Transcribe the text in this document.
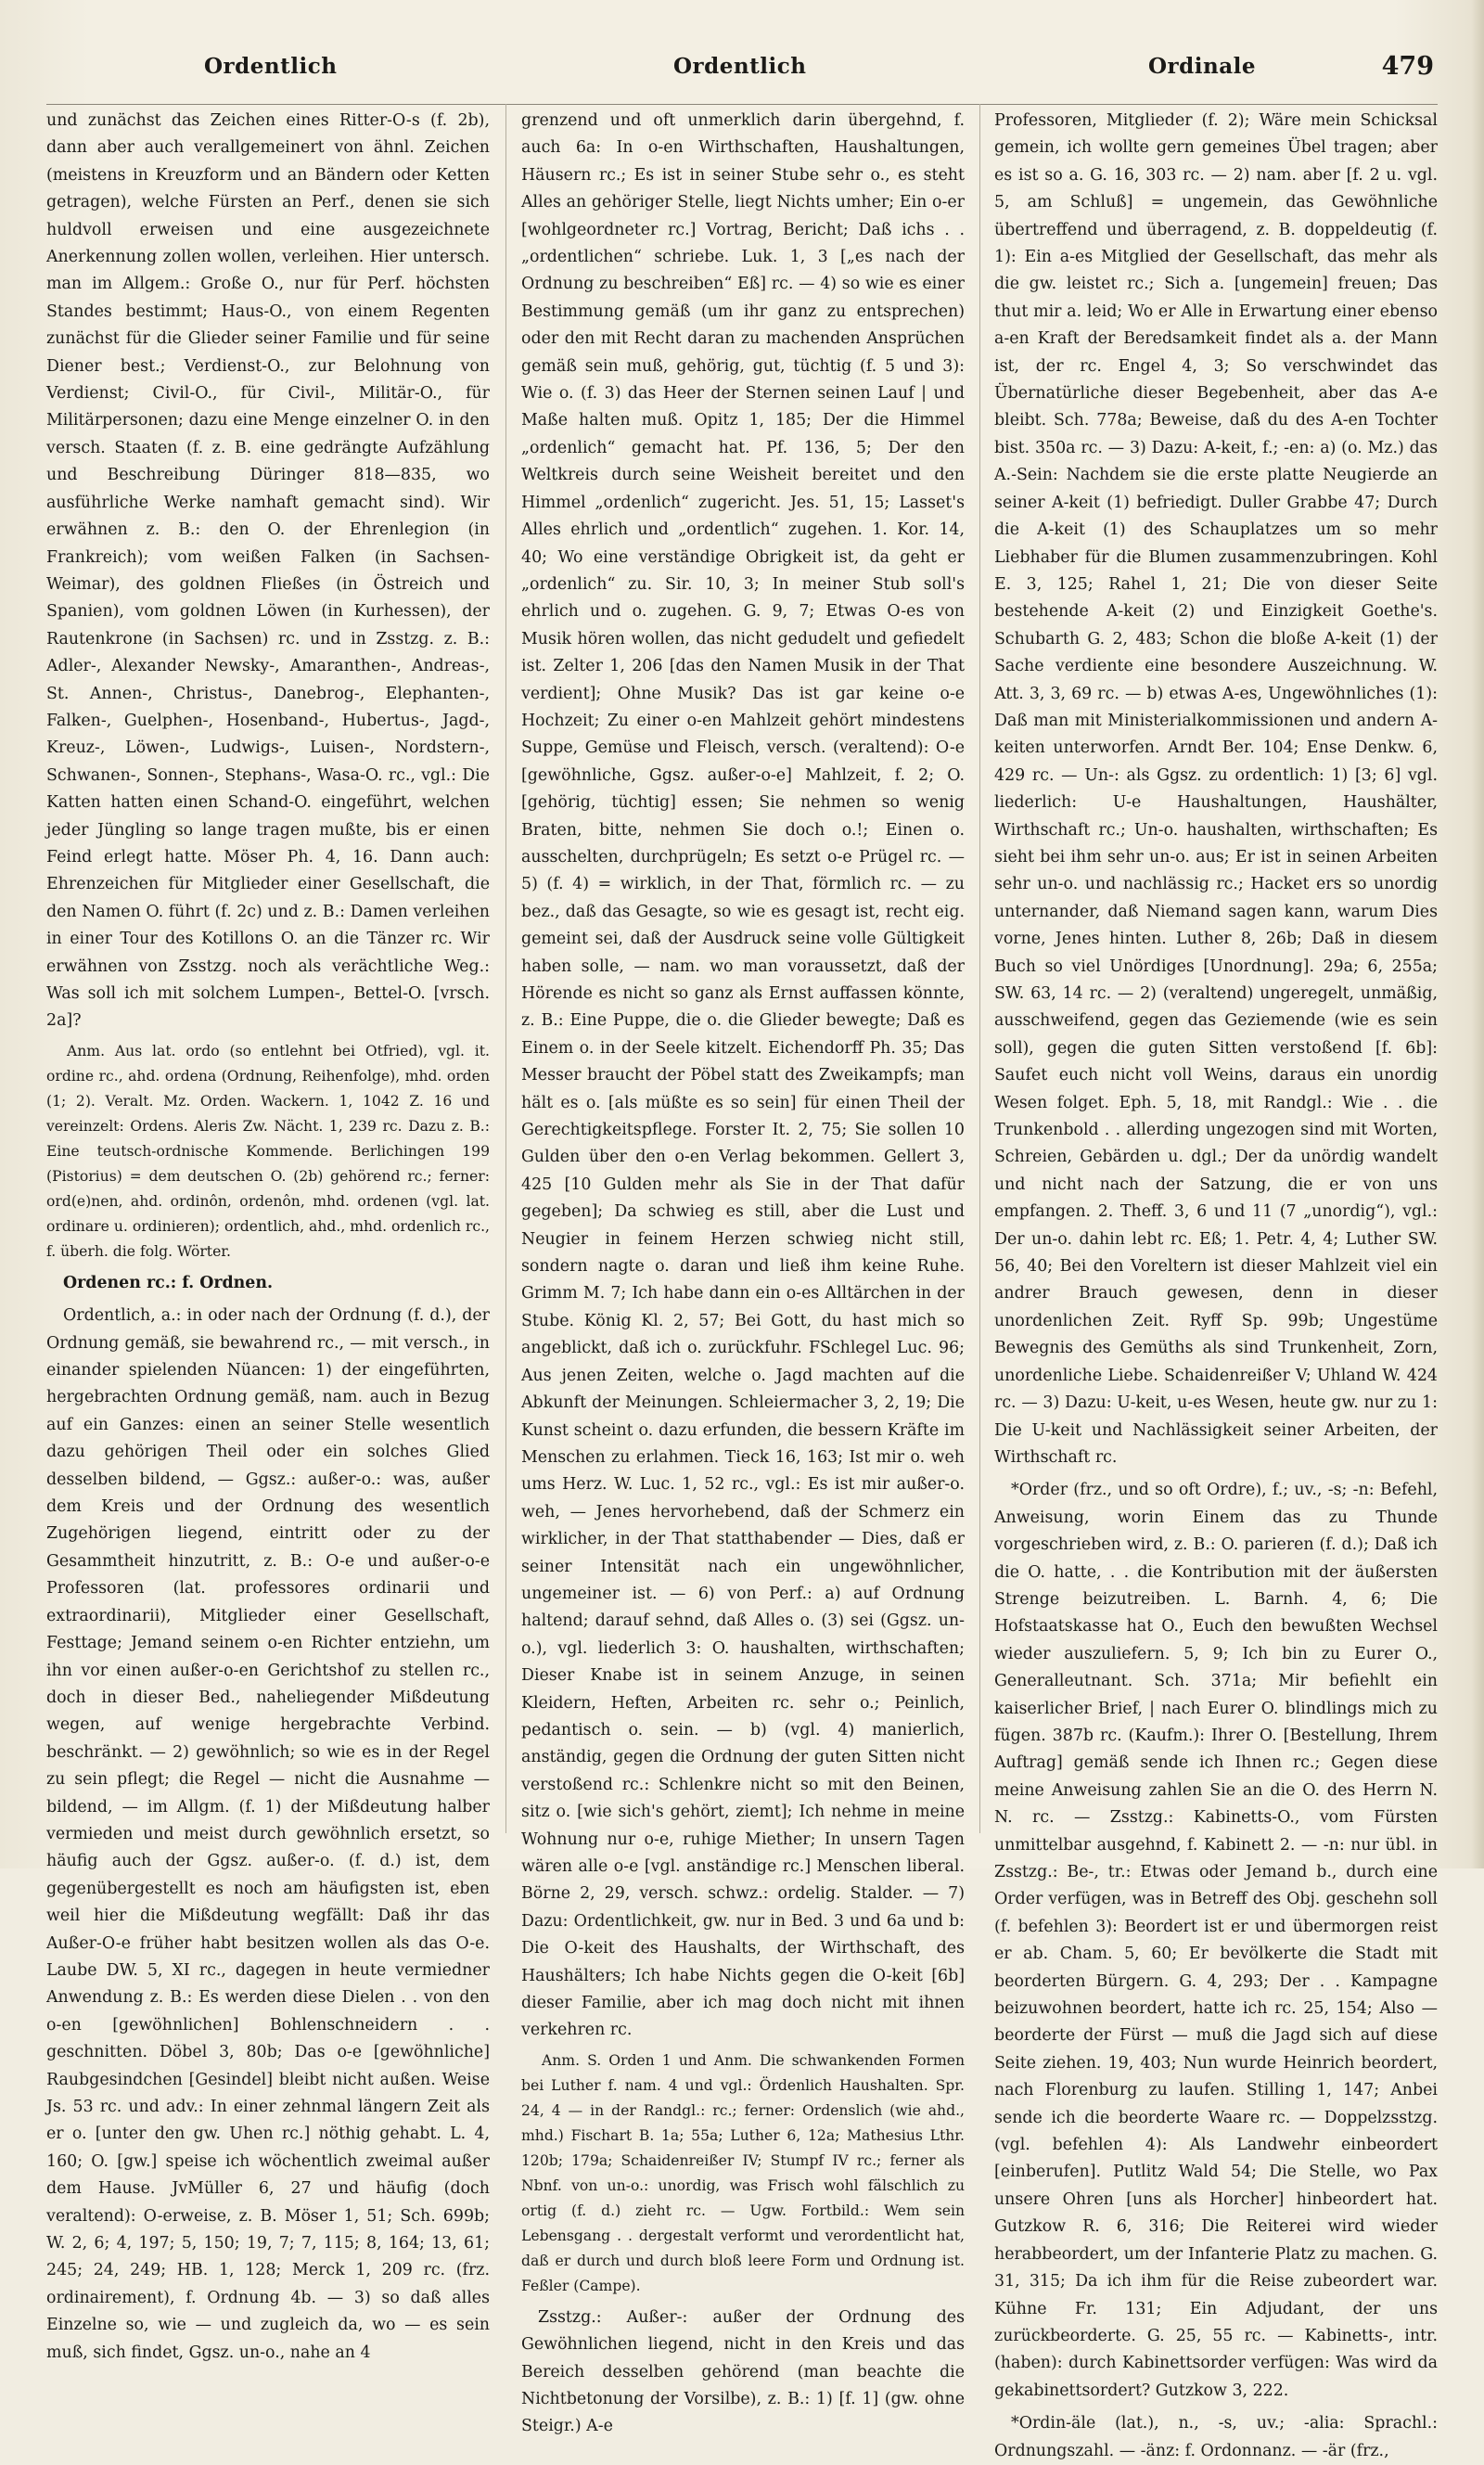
Ordentlich	Ordentlich	Ordinale	479

und zunächst das Zeichen eines Ritter-O-s (f. 2b), dann aber auch verallgemeinert von ähnl. Zeichen (meistens in Kreuzform und an Bändern oder Ketten getragen), welche Fürsten an Perf., denen sie sich huldvoll erweisen und eine ausgezeichnete Anerkennung zollen wollen, verleihen. Hier untersch. man im Allgem.: Große O., nur für Perf. höchsten Standes bestimmt; Haus-O., von einem Regenten zunächst für die Glieder seiner Familie und für seine Diener best.; Verdienst-O., zur Belohnung von Verdienst; Civil-O., für Civil-, Militär-O., für Militärpersonen; dazu eine Menge einzelner O. in den versch. Staaten (f. z. B. eine gedrängte Aufzählung und Beschreibung Düringer 818—835, wo ausführliche Werke namhaft gemacht sind). Wir erwähnen z. B.: den O. der Ehrenlegion (in Frankreich); vom weißen Falken (in Sachsen-Weimar), des goldnen Fließes (in Östreich und Spanien), vom goldnen Löwen (in Kurhessen), der Rautenkrone (in Sachsen) rc. und in Zsstzg. z. B.: Adler-, Alexander Newsky-, Amaranthen-, Andreas-, St. Annen-, Christus-, Danebrog-, Elephanten-, Falken-, Guelphen-, Hosenband-, Hubertus-, Jagd-, Kreuz-, Löwen-, Ludwigs-, Luisen-, Nordstern-, Schwanen-, Sonnen-, Stephans-, Wasa-O. rc., vgl.: Die Katten hatten einen Schand-O. eingeführt, welchen jeder Jüngling so lange tragen mußte, bis er einen Feind erlegt hatte. Möser Ph. 4, 16. Dann auch: Ehrenzeichen für Mitglieder einer Gesellschaft, die den Namen O. führt (f. 2c) und z. B.: Damen verleihen in einer Tour des Kotillons O. an die Tänzer rc. Wir erwähnen von Zsstzg. noch als verächtliche Weg.: Was soll ich mit solchem Lumpen-, Bettel-O. [vrsch. 2a]?

Anm. Aus lat. ordo (so entlehnt bei Otfried), vgl. it. ordine rc., ahd. ordena (Ordnung, Reihenfolge), mhd. orden (1; 2). Veralt. Mz. Orden. Wackern. 1, 1042 Z. 16 und vereinzelt: Ordens. Aleris Zw. Nächt. 1, 239 rc. Dazu z. B.: Eine teutsch-ordnische Kommende. Berlichingen 199 (Pistorius) = dem deutschen O. (2b) gehörend rc.; ferner: ord(e)nen, ahd. ordinôn, ordenôn, mhd. ordenen (vgl. lat. ordinare u. ordinieren); ordentlich, ahd., mhd. ordenlich rc., f. überh. die folg. Wörter.

Ordenen rc.: f. Ordnen.

Ordentlich, a.: in oder nach der Ordnung (f. d.), der Ordnung gemäß, sie bewahrend rc., — mit versch., in einander spielenden Nüancen: 1) der eingeführten, hergebrachten Ordnung gemäß, nam. auch in Bezug auf ein Ganzes: einen an seiner Stelle wesentlich dazu gehörigen Theil oder ein solches Glied desselben bildend, — Ggsz.: außer-o.: was, außer dem Kreis und der Ordnung des wesentlich Zugehörigen liegend, eintritt oder zu der Gesammtheit hinzutritt, z. B.: O-e und außer-o-e Professoren (lat. professores ordinarii und extraordinarii), Mitglieder einer Gesellschaft, Festtage; Jemand seinem o-en Richter entziehn, um ihn vor einen außer-o-en Gerichtshof zu stellen rc., doch in dieser Bed., naheliegender Mißdeutung wegen, auf wenige hergebrachte Verbind. beschränkt. — 2) gewöhnlich; so wie es in der Regel zu sein pflegt; die Regel — nicht die Ausnahme — bildend, — im Allgm. (f. 1) der Mißdeutung halber vermieden und meist durch gewöhnlich ersetzt, so häufig auch der Ggsz. außer-o. (f. d.) ist, dem gegenübergestellt es noch am häufigsten ist, eben weil hier die Mißdeutung wegfällt: Daß ihr das Außer-O-e früher habt besitzen wollen als das O-e. Laube DW. 5, XI rc., dagegen in heute vermiedner Anwendung z. B.: Es werden diese Dielen . . von den o-en [gewöhnlichen] Bohlenschneidern . . geschnitten. Döbel 3, 80b; Das o-e [gewöhnliche] Raubgesindchen [Gesindel] bleibt nicht außen. Weise Js. 53 rc. und adv.: In einer zehnmal längern Zeit als er o. [unter den gw. Uhen rc.] nöthig gehabt. L. 4, 160; O. [gw.] speise ich wöchentlich zweimal außer dem Hause. JvMüller 6, 27 und häufig (doch veraltend): O-erweise, z. B. Möser 1, 51; Sch. 699b; W. 2, 6; 4, 197; 5, 150; 19, 7; 7, 115; 8, 164; 13, 61; 245; 24, 249; HB. 1, 128; Merck 1, 209 rc. (frz. ordinairement), f. Ordnung 4b. — 3) so daß alles Einzelne so, wie — und zugleich da, wo — es sein muß, sich findet, Ggsz. un-o., nahe an 4

grenzend und oft unmerklich darin übergehnd, f. auch 6a: In o-en Wirthschaften, Haushaltungen, Häusern rc.; Es ist in seiner Stube sehr o., es steht Alles an gehöriger Stelle, liegt Nichts umher; Ein o-er [wohlgeordneter rc.] Vortrag, Bericht; Daß ichs . . „ordentlichen“ schriebe. Luk. 1, 3 [„es nach der Ordnung zu beschreiben“ Eß] rc. — 4) so wie es einer Bestimmung gemäß (um ihr ganz zu entsprechen) oder den mit Recht daran zu machenden Ansprüchen gemäß sein muß, gehörig, gut, tüchtig (f. 5 und 3): Wie o. (f. 3) das Heer der Sternen seinen Lauf | und Maße halten muß. Opitz 1, 185; Der die Himmel „ordenlich“ gemacht hat. Pf. 136, 5; Der den Weltkreis durch seine Weisheit bereitet und den Himmel „ordenlich“ zugericht. Jes. 51, 15; Lasset's Alles ehrlich und „ordentlich“ zugehen. 1. Kor. 14, 40; Wo eine verständige Obrigkeit ist, da geht er „ordenlich“ zu. Sir. 10, 3; In meiner Stub soll's ehrlich und o. zugehen. G. 9, 7; Etwas O-es von Musik hören wollen, das nicht gedudelt und gefiedelt ist. Zelter 1, 206 [das den Namen Musik in der That verdient]; Ohne Musik? Das ist gar keine o-e Hochzeit; Zu einer o-en Mahlzeit gehört mindestens Suppe, Gemüse und Fleisch, versch. (veraltend): O-e [gewöhnliche, Ggsz. außer-o-e] Mahlzeit, f. 2; O. [gehörig, tüchtig] essen; Sie nehmen so wenig Braten, bitte, nehmen Sie doch o.!; Einen o. ausschelten, durchprügeln; Es setzt o-e Prügel rc. — 5) (f. 4) = wirklich, in der That, förmlich rc. — zu bez., daß das Gesagte, so wie es gesagt ist, recht eig. gemeint sei, daß der Ausdruck seine volle Gültigkeit haben solle, — nam. wo man voraussetzt, daß der Hörende es nicht so ganz als Ernst auffassen könnte, z. B.: Eine Puppe, die o. die Glieder bewegte; Daß es Einem o. in der Seele kitzelt. Eichendorff Ph. 35; Das Messer braucht der Pöbel statt des Zweikampfs; man hält es o. [als müßte es so sein] für einen Theil der Gerechtigkeitspflege. Forster It. 2, 75; Sie sollen 10 Gulden über den o-en Verlag bekommen. Gellert 3, 425 [10 Gulden mehr als Sie in der That dafür gegeben]; Da schwieg es still, aber die Lust und Neugier in feinem Herzen schwieg nicht still, sondern nagte o. daran und ließ ihm keine Ruhe. Grimm M. 7; Ich habe dann ein o-es Alltärchen in der Stube. König Kl. 2, 57; Bei Gott, du hast mich so angeblickt, daß ich o. zurückfuhr. FSchlegel Luc. 96; Aus jenen Zeiten, welche o. Jagd machten auf die Abkunft der Meinungen. Schleiermacher 3, 2, 19; Die Kunst scheint o. dazu erfunden, die bessern Kräfte im Menschen zu erlahmen. Tieck 16, 163; Ist mir o. weh ums Herz. W. Luc. 1, 52 rc., vgl.: Es ist mir außer-o. weh, — Jenes hervorhebend, daß der Schmerz ein wirklicher, in der That statthabender — Dies, daß er seiner Intensität nach ein ungewöhnlicher, ungemeiner ist. — 6) von Perf.: a) auf Ordnung haltend; darauf sehnd, daß Alles o. (3) sei (Ggsz. un-o.), vgl. liederlich 3: O. haushalten, wirthschaften; Dieser Knabe ist in seinem Anzuge, in seinen Kleidern, Heften, Arbeiten rc. sehr o.; Peinlich, pedantisch o. sein. — b) (vgl. 4) manierlich, anständig, gegen die Ordnung der guten Sitten nicht verstoßend rc.: Schlenkre nicht so mit den Beinen, sitz o. [wie sich's gehört, ziemt]; Ich nehme in meine Wohnung nur o-e, ruhige Miether; In unsern Tagen wären alle o-e [vgl. anständige rc.] Menschen liberal. Börne 2, 29, versch. schwz.: ordelig. Stalder. — 7) Dazu: Ordentlichkeit, gw. nur in Bed. 3 und 6a und b: Die O-keit des Haushalts, der Wirthschaft, des Haushälters; Ich habe Nichts gegen die O-keit [6b] dieser Familie, aber ich mag doch nicht mit ihnen verkehren rc.

Anm. S. Orden 1 und Anm. Die schwankenden Formen bei Luther f. nam. 4 und vgl.: Ördenlich Haushalten. Spr. 24, 4 — in der Randgl.: rc.; ferner: Ordenslich (wie ahd., mhd.) Fischart B. 1a; 55a; Luther 6, 12a; Mathesius Lthr. 120b; 179a; Schaidenreißer IV; Stumpf IV rc.; ferner als Nbnf. von un-o.: unordig, was Frisch wohl fälschlich zu ortig (f. d.) zieht rc. — Ugw. Fortbild.: Wem sein Lebensgang . . dergestalt verformt und verordentlicht hat, daß er durch und durch bloß leere Form und Ordnung ist. Feßler (Campe).

Zsstzg.: Außer-: außer der Ordnung des Gewöhnlichen liegend, nicht in den Kreis und das Bereich desselben gehörend (man beachte die Nichtbetonung der Vorsilbe), z. B.: 1) [f. 1] (gw. ohne Steigr.) A-e

Professoren, Mitglieder (f. 2); Wäre mein Schicksal gemein, ich wollte gern gemeines Übel tragen; aber es ist so a. G. 16, 303 rc. — 2) nam. aber [f. 2 u. vgl. 5, am Schluß] = ungemein, das Gewöhnliche übertreffend und überragend, z. B. doppeldeutig (f. 1): Ein a-es Mitglied der Gesellschaft, das mehr als die gw. leistet rc.; Sich a. [ungemein] freuen; Das thut mir a. leid; Wo er Alle in Erwartung einer ebenso a-en Kraft der Beredsamkeit findet als a. der Mann ist, der rc. Engel 4, 3; So verschwindet das Übernatürliche dieser Begebenheit, aber das A-e bleibt. Sch. 778a; Beweise, daß du des A-en Tochter bist. 350a rc. — 3) Dazu: A-keit, f.; -en: a) (o. Mz.) das A.-Sein: Nachdem sie die erste platte Neugierde an seiner A-keit (1) befriedigt. Duller Grabbe 47; Durch die A-keit (1) des Schauplatzes um so mehr Liebhaber für die Blumen zusammenzubringen. Kohl E. 3, 125; Rahel 1, 21; Die von dieser Seite bestehende A-keit (2) und Einzigkeit Goethe's. Schubarth G. 2, 483; Schon die bloße A-keit (1) der Sache verdiente eine besondere Auszeichnung. W. Att. 3, 3, 69 rc. — b) etwas A-es, Ungewöhnliches (1): Daß man mit Ministerialkommissionen und andern A-keiten unterworfen. Arndt Ber. 104; Ense Denkw. 6, 429 rc. — Un-: als Ggsz. zu ordentlich: 1) [3; 6] vgl. liederlich: U-e Haushaltungen, Haushälter, Wirthschaft rc.; Un-o. haushalten, wirthschaften; Es sieht bei ihm sehr un-o. aus; Er ist in seinen Arbeiten sehr un-o. und nachlässig rc.; Hacket ers so unordig unternander, daß Niemand sagen kann, warum Dies vorne, Jenes hinten. Luther 8, 26b; Daß in diesem Buch so viel Unördiges [Unordnung]. 29a; 6, 255a; SW. 63, 14 rc. — 2) (veraltend) ungeregelt, unmäßig, ausschweifend, gegen das Geziemende (wie es sein soll), gegen die guten Sitten verstoßend [f. 6b]: Saufet euch nicht voll Weins, daraus ein unordig Wesen folget. Eph. 5, 18, mit Randgl.: Wie . . die Trunkenbold . . allerding ungezogen sind mit Worten, Schreien, Gebärden u. dgl.; Der da unördig wandelt und nicht nach der Satzung, die er von uns empfangen. 2. Theff. 3, 6 und 11 (7 „unordig“), vgl.: Der un-o. dahin lebt rc. Eß; 1. Petr. 4, 4; Luther SW. 56, 40; Bei den Voreltern ist dieser Mahlzeit viel ein andrer Brauch gewesen, denn in dieser unordenlichen Zeit. Ryff Sp. 99b; Ungestüme Bewegnis des Gemüths als sind Trunkenheit, Zorn, unordenliche Liebe. Schaidenreißer V; Uhland W. 424 rc. — 3) Dazu: U-keit, u-es Wesen, heute gw. nur zu 1: Die U-keit und Nachlässigkeit seiner Arbeiten, der Wirthschaft rc.

*Order (frz., und so oft Ordre), f.; uv., -s; -n: Befehl, Anweisung, worin Einem das zu Thunde vorgeschrieben wird, z. B.: O. parieren (f. d.); Daß ich die O. hatte, . . die Kontribution mit der äußersten Strenge beizutreiben. L. Barnh. 4, 6; Die Hofstaatskasse hat O., Euch den bewußten Wechsel wieder auszuliefern. 5, 9; Ich bin zu Eurer O., Generalleutnant. Sch. 371a; Mir befiehlt ein kaiserlicher Brief, | nach Eurer O. blindlings mich zu fügen. 387b rc. (Kaufm.): Ihrer O. [Bestellung, Ihrem Auftrag] gemäß sende ich Ihnen rc.; Gegen diese meine Anweisung zahlen Sie an die O. des Herrn N. N. rc. — Zsstzg.: Kabinetts-O., vom Fürsten unmittelbar ausgehnd, f. Kabinett 2. — -n: nur übl. in Zsstzg.: Be-, tr.: Etwas oder Jemand b., durch eine Order verfügen, was in Betreff des Obj. geschehn soll (f. befehlen 3): Beordert ist er und übermorgen reist er ab. Cham. 5, 60; Er bevölkerte die Stadt mit beorderten Bürgern. G. 4, 293; Der . . Kampagne beizuwohnen beordert, hatte ich rc. 25, 154; Also — beorderte der Fürst — muß die Jagd sich auf diese Seite ziehen. 19, 403; Nun wurde Heinrich beordert, nach Florenburg zu laufen. Stilling 1, 147; Anbei sende ich die beorderte Waare rc. — Doppelzsstzg. (vgl. befehlen 4): Als Landwehr einbeordert [einberufen]. Putlitz Wald 54; Die Stelle, wo Pax unsere Ohren [uns als Horcher] hinbeordert hat. Gutzkow R. 6, 316; Die Reiterei wird wieder herabbeordert, um der Infanterie Platz zu machen. G. 31, 315; Da ich ihm für die Reise zubeordert war. Kühne Fr. 131; Ein Adjudant, der uns zurückbeorderte. G. 25, 55 rc. — Kabinetts-, intr. (haben): durch Kabinettsorder verfügen: Was wird da gekabinettsordert? Gutzkow 3, 222.

*Ordin-äle (lat.), n., -s, uv.; -alia: Sprachl.: Ordnungszahl. — -änz: f. Ordonnanz. — -är (frz.,
